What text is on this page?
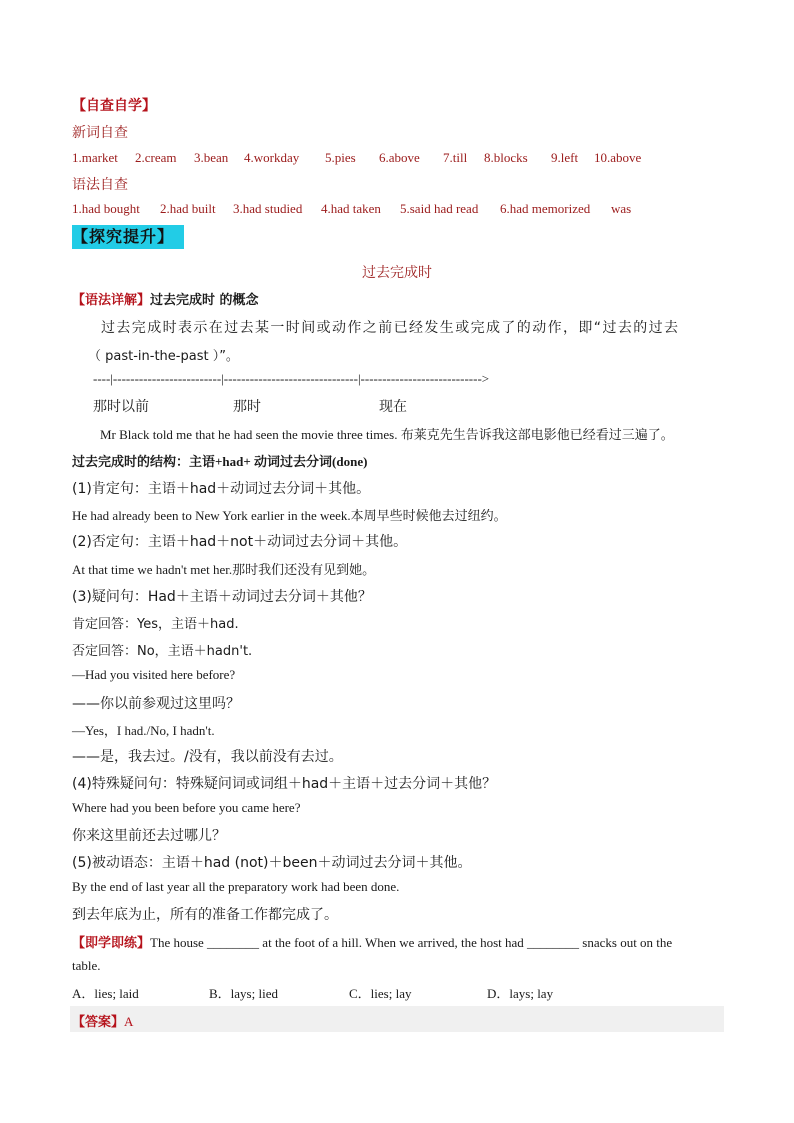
【自查自学】
新词自查
1.market 2.cream 3.bean 4.workday 5.pies 6.above 7.till 8.blocks 9.left 10.above
语法自查
1.had bought 2.had built 3.had studied 4.had taken 5.said had read 6.had memorized was
【探究提升】
过去完成时
【语法详解】过去完成时 的概念
过去完成时表示在过去某一时间或动作之前已经发生或完成了的动作，即“过去的过去
（ past-in-the-past ）”。
----|-------------------------|-------------------------------|---------------------------->
那时以前	那时	现在
Mr Black told me that he had seen the movie three times. 布莱克先生告诉我这部电影他已经看过三遍了。
过去完成时的结构：主语+had+ 动词过去分词(done)
(1)肯定句：主语＋had＋动词过去分词＋其他。
He had already been to New York earlier in the week.本周早些时候他去过纽约。
(2)否定句：主语＋had＋not＋动词过去分词＋其他。
At that time we hadn't met her.那时我们还没有见到她。
(3)疑问句：Had＋主语＋动词过去分词＋其他？
肯定回答：Yes，主语＋had.
否定回答：No，主语＋hadn't.
—Had you visited here before?
——你以前参观过这里吗？
—Yes，I had./No, I hadn't.
——是，我去过。/没有，我以前没有去过。
(4)特殊疑问句：特殊疑问词或词组＋had＋主语＋过去分词＋其他？
Where had you been before you came here?
你来这里前还去过哪儿？
(5)被动语态：主语＋had (not)＋been＋动词过去分词＋其他。
By the end of last year all the preparatory work had been done.
到去年底为止，所有的准备工作都完成了。
【即学即练】The house ________ at the foot of a hill. When we arrived, the host had ________ snacks out on the
table.
A．lies; laid	B．lays; lied	C．lies; lay	D．lays; lay
【答案】A
